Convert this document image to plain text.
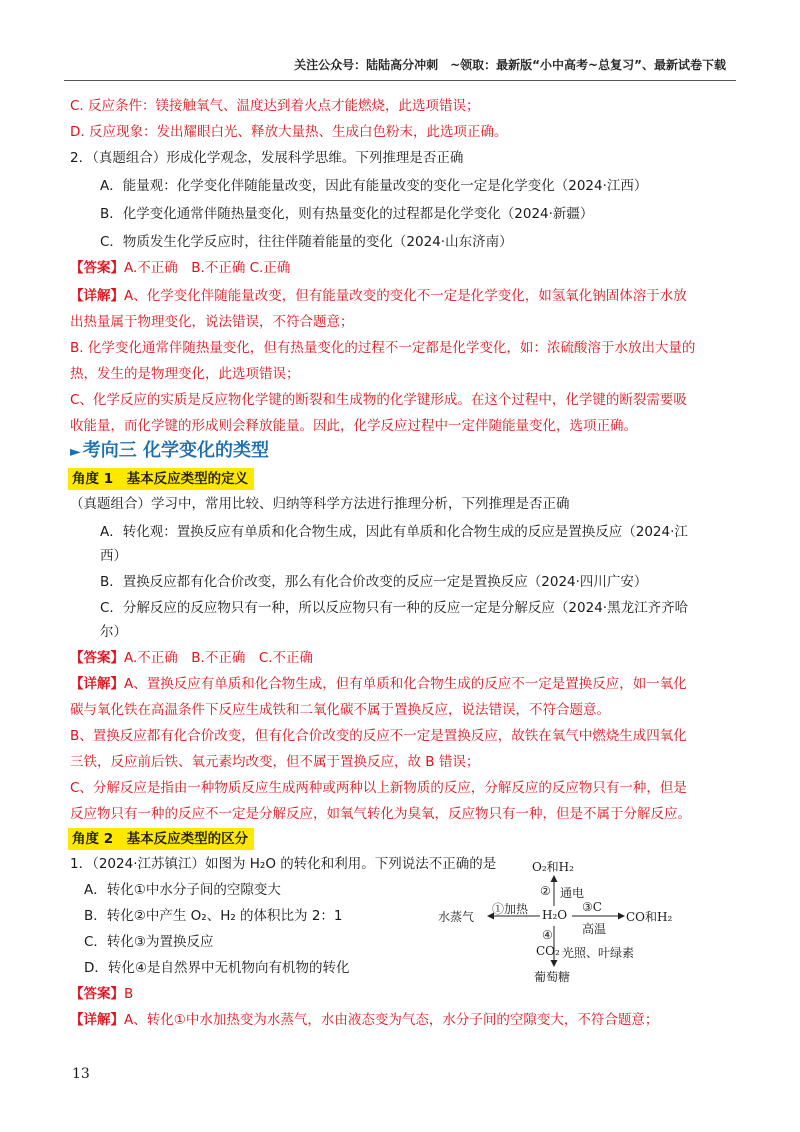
关注公众号：陆陆高分冲刺　~领取：最新版“小中高考~总复习”、最新试卷下载
C. 反应条件：镁接触氧气、温度达到着火点才能燃烧，此选项错误；
D. 反应现象：发出耀眼白光、释放大量热、生成白色粉末，此选项正确。
2．（真题组合）形成化学观念，发展科学思维。下列推理是否正确
A．能量观：化学变化伴随能量改变，因此有能量改变的变化一定是化学变化（2024·江西）
B．化学变化通常伴随热量变化，则有热量变化的过程都是化学变化（2024·新疆）
C．物质发生化学反应时，往往伴随着能量的变化（2024·山东济南）
【答案】A.不正确　B.不正确 C.正确
【详解】A、化学变化伴随能量改变，但有能量改变的变化不一定是化学变化，如氢氧化钠固体溶于水放
出热量属于物理变化，说法错误，不符合题意；
B. 化学变化通常伴随热量变化，但有热量变化的过程不一定都是化学变化，如：浓硫酸溶于水放出大量的
热，发生的是物理变化，此选项错误；
C、化学反应的实质是反应物化学键的断裂和生成物的化学键形成。在这个过程中，化学键的断裂需要吸
收能量，而化学键的形成则会释放能量。因此，化学反应过程中一定伴随能量变化，选项正确。
► 考向三 化学变化的类型
角度 1　基本反应类型的定义
（真题组合）学习中，常用比较、归纳等科学方法进行推理分析，下列推理是否正确
A．转化观：置换反应有单质和化合物生成，因此有单质和化合物生成的反应是置换反应（2024·江
西）
B．置换反应都有化合价改变，那么有化合价改变的反应一定是置换反应（2024·四川广安）
C．分解反应的反应物只有一种，所以反应物只有一种的反应一定是分解反应（2024·黑龙江齐齐哈
尔）
【答案】A.不正确　B.不正确　C.不正确
【详解】A、置换反应有单质和化合物生成，但有单质和化合物生成的反应不一定是置换反应，如一氧化
碳与氧化铁在高温条件下反应生成铁和二氧化碳不属于置换反应，说法错误，不符合题意。
B、置换反应都有化合价改变，但有化合价改变的反应不一定是置换反应，故铁在氧气中燃烧生成四氧化
三铁，反应前后铁、氧元素均改变，但不属于置换反应，故 B 错误；
C、分解反应是指由一种物质反应生成两种或两种以上新物质的反应，分解反应的反应物只有一种，但是
反应物只有一种的反应不一定是分解反应，如氧气转化为臭氧，反应物只有一种，但是不属于分解反应。
角度 2　基本反应类型的区分
1．（2024·江苏镇江）如图为 H₂O 的转化和利用。下列说法不正确的是
A．转化①中水分子间的空隙变大
B．转化②中产生 O₂、H₂ 的体积比为 2：1
C．转化③为置换反应
D．转化④是自然界中无机物向有机物的转化
【答案】B
【详解】A、转化①中水加热变为水蒸气，水由液态变为气态，水分子间的空隙变大，不符合题意；
O₂和H₂
② 通电
水蒸气
①加热 H₂O
③C
高温
CO和H₂
④
CO₂ 光照、叶绿素
葡萄糖
13
